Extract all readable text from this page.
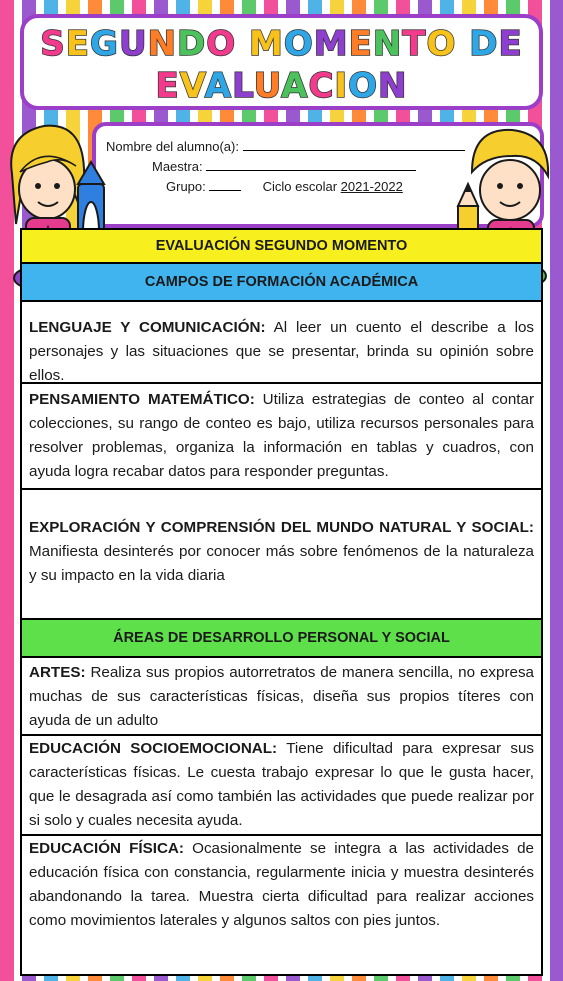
SEGUNDO MOMENTO DE
EVALUACION
Nombre del alumno(a):
Maestra:
Grupo:	Ciclo escolar 2021-2022
EVALUACIÓN SEGUNDO MOMENTO
CAMPOS DE FORMACIÓN ACADÉMICA
LENGUAJE Y COMUNICACIÓN: Al leer un cuento el describe a los personajes y las situaciones que se presentar, brinda su opinión sobre ellos.
PENSAMIENTO MATEMÁTICO: Utiliza estrategias de conteo al contar colecciones, su rango de conteo es bajo, utiliza recursos personales para resolver problemas, organiza la información en tablas y cuadros, con ayuda logra recabar datos para responder preguntas.
EXPLORACIÓN Y COMPRENSIÓN DEL MUNDO NATURAL Y SOCIAL: Manifiesta desinterés por conocer más sobre fenómenos de la naturaleza y su impacto en la vida diaria
ÁREAS DE DESARROLLO PERSONAL Y SOCIAL
ARTES: Realiza sus propios autorretratos de manera sencilla, no expresa muchas de sus características físicas, diseña sus propios títeres con ayuda de un adulto
EDUCACIÓN SOCIOEMOCIONAL: Tiene dificultad para expresar sus características físicas. Le cuesta trabajo expresar lo que le gusta hacer, que le desagrada así como también las actividades que puede realizar por si solo y cuales necesita ayuda.
EDUCACIÓN FÍSICA: Ocasionalmente se integra a las actividades de educación física con constancia, regularmente inicia y muestra desinterés abandonando la tarea. Muestra cierta dificultad para realizar acciones como movimientos laterales y algunos saltos con pies juntos.
